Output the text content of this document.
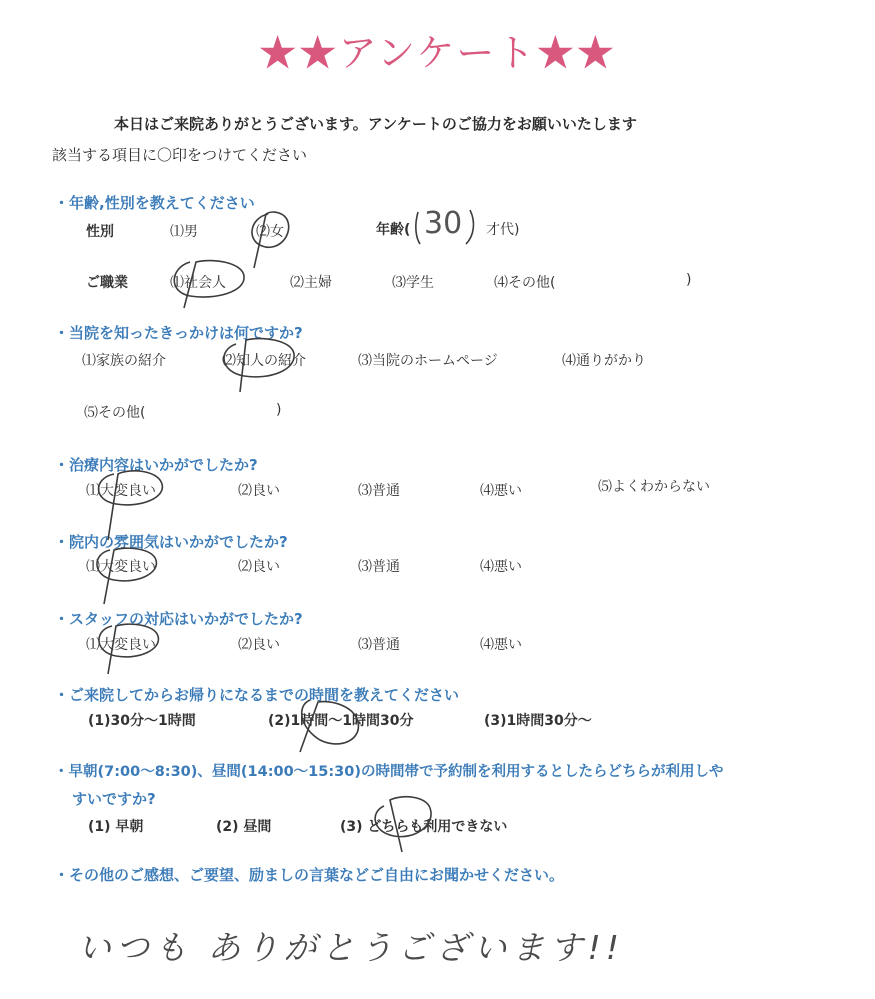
★★アンケート★★
本日はご来院ありがとうございます。アンケートのご協力をお願いいたします
該当する項目に〇印をつけてください
・年齢,性別を教えてください
性別	⑴男	⑵女	年齢( 30 才代)
ご職業	⑴社会人	⑵主婦	⑶学生	⑷その他(	)
・当院を知ったきっかけは何ですか?
⑴家族の紹介	⑵知人の紹介	⑶当院のホームページ	⑷通りがかり
⑸その他(	)
・治療内容はいかがでしたか?
⑴大変良い	⑵良い	⑶普通	⑷悪い	⑸よくわからない
・院内の雰囲気はいかがでしたか?
⑴大変良い	⑵良い	⑶普通	⑷悪い
・スタッフの対応はいかがでしたか?
⑴大変良い	⑵良い	⑶普通	⑷悪い
・ご来院してからお帰りになるまでの時間を教えてください
(1)30分〜1時間	(2)1時間〜1時間30分	(3)1時間30分〜
・早朝(7:00〜8:30)、昼間(14:00〜15:30)の時間帯で予約制を利用するとしたらどちらが利用しや
すいですか?
(1) 早朝	(2) 昼間	(3) どちらも利用できない
・その他のご感想、ご要望、励ましの言葉などご自由にお聞かせください。
いつも ありがとうございます!!
